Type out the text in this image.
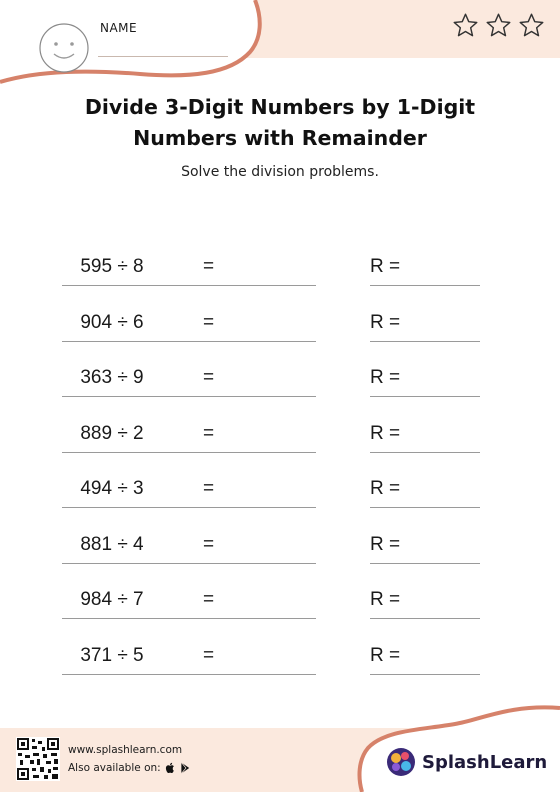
NAME
Divide 3-Digit Numbers by 1-Digit
Numbers with Remainder
Solve the division problems.
595 ÷ 8	=	R =
904 ÷ 6	=	R =
363 ÷ 9	=	R =
889 ÷ 2	=	R =
494 ÷ 3	=	R =
881 ÷ 4	=	R =
984 ÷ 7	=	R =
371 ÷ 5	=	R =
www.splashlearn.com
Also available on:	SplashLearn
